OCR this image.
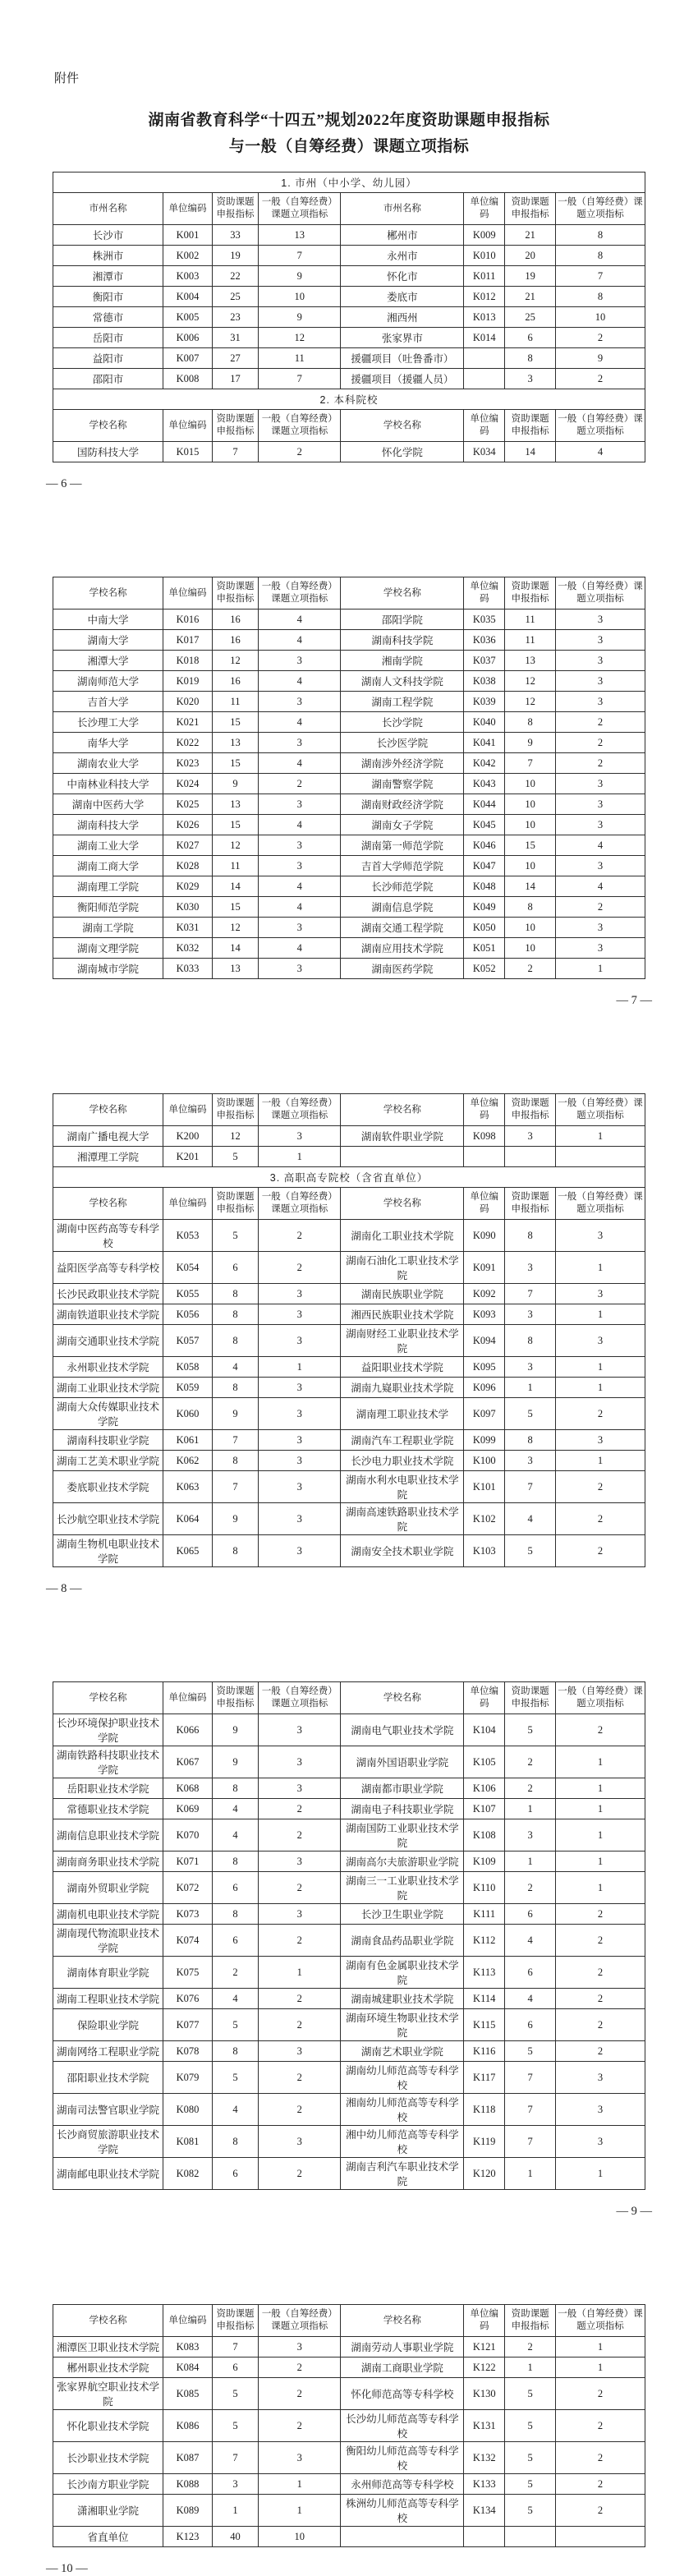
附件
湖南省教育科学“十四五”规划2022年度资助课题申报指标
与一般（自筹经费）课题立项指标
1. 市州（中小学、幼儿园）							
市州名称	单位编码	资助课题申报指标	一般（自筹经费）课题立项指标	市州名称	单位编码	资助课题申报指标	一般（自筹经费）课题立项指标
长沙市	K001	33	13	郴州市	K009	21	8
株洲市	K002	19	7	永州市	K010	20	8
湘潭市	K003	22	9	怀化市	K011	19	7
衡阳市	K004	25	10	娄底市	K012	21	8
常德市	K005	23	9	湘西州	K013	25	10
岳阳市	K006	31	12	张家界市	K014	6	2
益阳市	K007	27	11	援疆项目（吐鲁番市）		8	9
邵阳市	K008	17	7	援疆项目（援疆人员）		3	2
2. 本科院校							
学校名称	单位编码	资助课题申报指标	一般（自筹经费）课题立项指标	学校名称	单位编码	资助课题申报指标	一般（自筹经费）课题立项指标
国防科技大学	K015	7	2	怀化学院	K034	14	4
— 6 —
学校名称	单位编码	资助课题申报指标	一般（自筹经费）课题立项指标	学校名称	单位编码	资助课题申报指标	一般（自筹经费）课题立项指标
中南大学	K016	16	4	邵阳学院	K035	11	3
湖南大学	K017	16	4	湖南科技学院	K036	11	3
湘潭大学	K018	12	3	湘南学院	K037	13	3
湖南师范大学	K019	16	4	湖南人文科技学院	K038	12	3
吉首大学	K020	11	3	湖南工程学院	K039	12	3
长沙理工大学	K021	15	4	长沙学院	K040	8	2
南华大学	K022	13	3	长沙医学院	K041	9	2
湖南农业大学	K023	15	4	湖南涉外经济学院	K042	7	2
中南林业科技大学	K024	9	2	湖南警察学院	K043	10	3
湖南中医药大学	K025	13	3	湖南财政经济学院	K044	10	3
湖南科技大学	K026	15	4	湖南女子学院	K045	10	3
湖南工业大学	K027	12	3	湖南第一师范学院	K046	15	4
湖南工商大学	K028	11	3	吉首大学师范学院	K047	10	3
湖南理工学院	K029	14	4	长沙师范学院	K048	14	4
衡阳师范学院	K030	15	4	湖南信息学院	K049	8	2
湖南工学院	K031	12	3	湖南交通工程学院	K050	10	3
湖南文理学院	K032	14	4	湖南应用技术学院	K051	10	3
湖南城市学院	K033	13	3	湖南医药学院	K052	2	1
— 7 —
学校名称	单位编码	资助课题申报指标	一般（自筹经费）课题立项指标	学校名称	单位编码	资助课题申报指标	一般（自筹经费）课题立项指标
湖南广播电视大学	K200	12	3	湖南软件职业学院	K098	3	1
湘潭理工学院	K201	5	1				
3. 高职高专院校（含省直单位）							
学校名称	单位编码	资助课题申报指标	一般（自筹经费）课题立项指标	学校名称	单位编码	资助课题申报指标	一般（自筹经费）课题立项指标
湖南中医药高等专科学校	K053	5	2	湖南化工职业技术学院	K090	8	3
益阳医学高等专科学校	K054	6	2	湖南石油化工职业技术学院	K091	3	1
长沙民政职业技术学院	K055	8	3	湖南民族职业学院	K092	7	3
湖南铁道职业技术学院	K056	8	3	湘西民族职业技术学院	K093	3	1
湖南交通职业技术学院	K057	8	3	湖南财经工业职业技术学院	K094	8	3
永州职业技术学院	K058	4	1	益阳职业技术学院	K095	3	1
湖南工业职业技术学院	K059	8	3	湖南九嶷职业技术学院	K096	1	1
湖南大众传媒职业技术学院	K060	9	3	湖南理工职业技术学	K097	5	2
湖南科技职业学院	K061	7	3	湖南汽车工程职业学院	K099	8	3
湖南工艺美术职业学院	K062	8	3	长沙电力职业技术学院	K100	3	1
娄底职业技术学院	K063	7	3	湖南水利水电职业技术学院	K101	7	2
长沙航空职业技术学院	K064	9	3	湖南高速铁路职业技术学院	K102	4	2
湖南生物机电职业技术学院	K065	8	3	湖南安全技术职业学院	K103	5	2
— 8 —
学校名称	单位编码	资助课题申报指标	一般（自筹经费）课题立项指标	学校名称	单位编码	资助课题申报指标	一般（自筹经费）课题立项指标
长沙环境保护职业技术学院	K066	9	3	湖南电气职业技术学院	K104	5	2
湖南铁路科技职业技术学院	K067	9	3	湖南外国语职业学院	K105	2	1
岳阳职业技术学院	K068	8	3	湖南都市职业学院	K106	2	1
常德职业技术学院	K069	4	2	湖南电子科技职业学院	K107	1	1
湖南信息职业技术学院	K070	4	2	湖南国防工业职业技术学院	K108	3	1
湖南商务职业技术学院	K071	8	3	湖南高尔夫旅游职业学院	K109	1	1
湖南外贸职业学院	K072	6	2	湖南三一工业职业技术学院	K110	2	1
湖南机电职业技术学院	K073	8	3	长沙卫生职业学院	K111	6	2
湖南现代物流职业技术学院	K074	6	2	湖南食品药品职业学院	K112	4	2
湖南体育职业学院	K075	2	1	湖南有色金属职业技术学院	K113	6	2
湖南工程职业技术学院	K076	4	2	湖南城建职业技术学院	K114	4	2
保险职业学院	K077	5	2	湖南环境生物职业技术学院	K115	6	2
湖南网络工程职业学院	K078	8	3	湖南艺术职业学院	K116	5	2
邵阳职业技术学院	K079	5	2	湖南幼儿师范高等专科学校	K117	7	3
湖南司法警官职业学院	K080	4	2	湘南幼儿师范高等专科学校	K118	7	3
长沙商贸旅游职业技术学院	K081	8	3	湘中幼儿师范高等专科学校	K119	7	3
湖南邮电职业技术学院	K082	6	2	湖南吉利汽车职业技术学院	K120	1	1
— 9 —
学校名称	单位编码	资助课题申报指标	一般（自筹经费）课题立项指标	学校名称	单位编码	资助课题申报指标	一般（自筹经费）课题立项指标
湘潭医卫职业技术学院	K083	7	3	湖南劳动人事职业学院	K121	2	1
郴州职业技术学院	K084	6	2	湖南工商职业学院	K122	1	1
张家界航空职业技术学院	K085	5	2	怀化师范高等专科学校	K130	5	2
怀化职业技术学院	K086	5	2	长沙幼儿师范高等专科学校	K131	5	2
长沙职业技术学院	K087	7	3	衡阳幼儿师范高等专科学校	K132	5	2
长沙南方职业学院	K088	3	1	永州师范高等专科学校	K133	5	2
潇湘职业学院	K089	1	1	株洲幼儿师范高等专科学校	K134	5	2
省直单位	K123	40	10				
— 10 —
